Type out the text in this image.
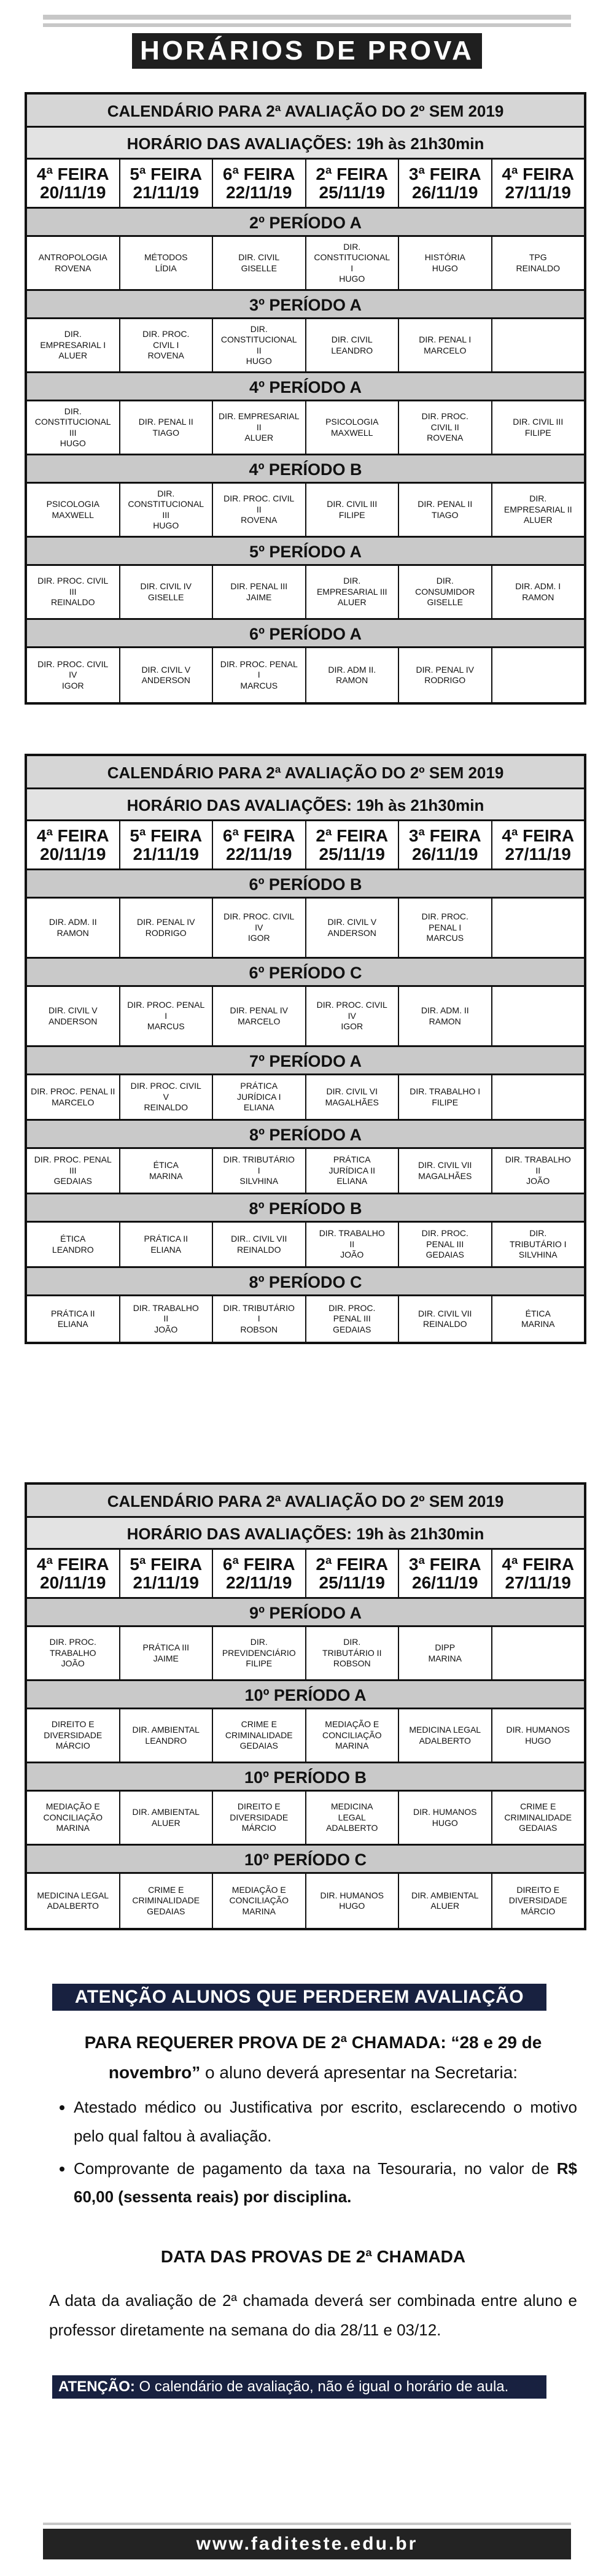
HORÁRIOS DE PROVA
CALENDÁRIO PARA 2ª AVALIAÇÃO DO 2º SEM 2019
HORÁRIO DAS AVALIAÇÕES: 19h às 21h30min
4ª FEIRA
20/11/19
5ª FEIRA
21/11/19
6ª FEIRA
22/11/19
2ª FEIRA
25/11/19
3ª FEIRA
26/11/19
4ª FEIRA
27/11/19
2º PERÍODO A
ANTROPOLOGIA
ROVENA
MÉTODOS
LÍDIA
DIR. CIVIL
GISELLE
DIR.
CONSTITUCIONAL
I
HUGO
HISTÓRIA
HUGO
TPG
REINALDO
3º PERÍODO A
DIR.
EMPRESARIAL I
ALUER
DIR. PROC.
CIVIL I
ROVENA
DIR.
CONSTITUCIONAL
II
HUGO
DIR. CIVIL
LEANDRO
DIR. PENAL I
MARCELO
4º PERÍODO A
DIR.
CONSTITUCIONAL
III
HUGO
DIR. PENAL II
TIAGO
DIR. EMPRESARIAL
II
ALUER
PSICOLOGIA
MAXWELL
DIR. PROC.
CIVIL II
ROVENA
DIR. CIVIL III
FILIPE
4º PERÍODO B
PSICOLOGIA
MAXWELL
DIR.
CONSTITUCIONAL
III
HUGO
DIR. PROC. CIVIL
II
ROVENA
DIR. CIVIL III
FILIPE
DIR. PENAL II
TIAGO
DIR.
EMPRESARIAL II
ALUER
5º PERÍODO A
DIR. PROC. CIVIL
III
REINALDO
DIR. CIVIL IV
GISELLE
DIR. PENAL III
JAIME
DIR.
EMPRESARIAL III
ALUER
DIR.
CONSUMIDOR
GISELLE
DIR. ADM. I
RAMON
6º PERÍODO A
DIR. PROC. CIVIL
IV
IGOR
DIR. CIVIL V
ANDERSON
DIR. PROC. PENAL
I
MARCUS
DIR. ADM II.
RAMON
DIR. PENAL IV
RODRIGO
CALENDÁRIO PARA 2ª AVALIAÇÃO DO 2º SEM 2019
HORÁRIO DAS AVALIAÇÕES: 19h às 21h30min
4ª FEIRA
20/11/19
5ª FEIRA
21/11/19
6ª FEIRA
22/11/19
2ª FEIRA
25/11/19
3ª FEIRA
26/11/19
4ª FEIRA
27/11/19
6º PERÍODO B
DIR. ADM. II
RAMON
DIR. PENAL IV
RODRIGO
DIR. PROC. CIVIL
IV
IGOR
DIR. CIVIL V
ANDERSON
DIR. PROC.
PENAL I
MARCUS
6º PERÍODO C
DIR. CIVIL V
ANDERSON
DIR. PROC. PENAL
I
MARCUS
DIR. PENAL IV
MARCELO
DIR. PROC. CIVIL
IV
IGOR
DIR. ADM. II
RAMON
7º PERÍODO A
DIR. PROC. PENAL II
MARCELO
DIR. PROC. CIVIL
V
REINALDO
PRÁTICA
JURÍDICA I
ELIANA
DIR. CIVIL VI
MAGALHÃES
DIR. TRABALHO I
FILIPE
8º PERÍODO A
DIR. PROC. PENAL III
GEDAIAS
ÉTICA
MARINA
DIR. TRIBUTÁRIO
I
SILVHINA
PRÁTICA
JURÍDICA II
ELIANA
DIR. CIVIL VII
MAGALHÃES
DIR. TRABALHO
II
JOÃO
8º PERÍODO B
ÉTICA
LEANDRO
PRÁTICA II
ELIANA
DIR.. CIVIL VII
REINALDO
DIR. TRABALHO
II
JOÃO
DIR. PROC.
PENAL III
GEDAIAS
DIR.
TRIBUTÁRIO I
SILVHINA
8º PERÍODO C
PRÁTICA II
ELIANA
DIR. TRABALHO
II
JOÃO
DIR. TRIBUTÁRIO
I
ROBSON
DIR. PROC.
PENAL III
GEDAIAS
DIR. CIVIL VII
REINALDO
ÉTICA
MARINA
CALENDÁRIO PARA 2ª AVALIAÇÃO DO 2º SEM 2019
HORÁRIO DAS AVALIAÇÕES: 19h às 21h30min
4ª FEIRA
20/11/19
5ª FEIRA
21/11/19
6ª FEIRA
22/11/19
2ª FEIRA
25/11/19
3ª FEIRA
26/11/19
4ª FEIRA
27/11/19
9º PERÍODO A
DIR. PROC.
TRABALHO
JOÃO
PRÁTICA III
JAIME
DIR.
PREVIDENCIÁRIO
FILIPE
DIR.
TRIBUTÁRIO II
ROBSON
DIPP
MARINA
10º PERÍODO A
DIREITO E
DIVERSIDADE
MÁRCIO
DIR. AMBIENTAL
LEANDRO
CRIME E
CRIMINALIDADE
GEDAIAS
MEDIAÇÃO E
CONCILIAÇÃO
MARINA
MEDICINA LEGAL
ADALBERTO
DIR. HUMANOS
HUGO
10º PERÍODO B
MEDIAÇÃO E
CONCILIAÇÃO
MARINA
DIR. AMBIENTAL
ALUER
DIREITO E
DIVERSIDADE
MÁRCIO
MEDICINA
LEGAL
ADALBERTO
DIR. HUMANOS
HUGO
CRIME E
CRIMINALIDADE
GEDAIAS
10º PERÍODO C
MEDICINA LEGAL
ADALBERTO
CRIME E
CRIMINALIDADE
GEDAIAS
MEDIAÇÃO E
CONCILIAÇÃO
MARINA
DIR. HUMANOS
HUGO
DIR. AMBIENTAL
ALUER
DIREITO E
DIVERSIDADE
MÁRCIO
ATENÇÃO ALUNOS QUE PERDEREM AVALIAÇÃO
PARA REQUERER PROVA DE 2ª CHAMADA: “28 e 29 de novembro” o aluno deverá apresentar na Secretaria:
• Atestado médico ou Justificativa por escrito, esclarecendo o motivo pelo qual faltou à avaliação.
• Comprovante de pagamento da taxa na Tesouraria, no valor de R$ 60,00 (sessenta reais) por disciplina.
DATA DAS PROVAS DE 2ª CHAMADA
A data da avaliação de 2ª chamada deverá ser combinada entre aluno e professor diretamente na semana do dia 28/11 e 03/12.
ATENÇÃO: O calendário de avaliação, não é igual o horário de aula.
www.faditeste.edu.br
